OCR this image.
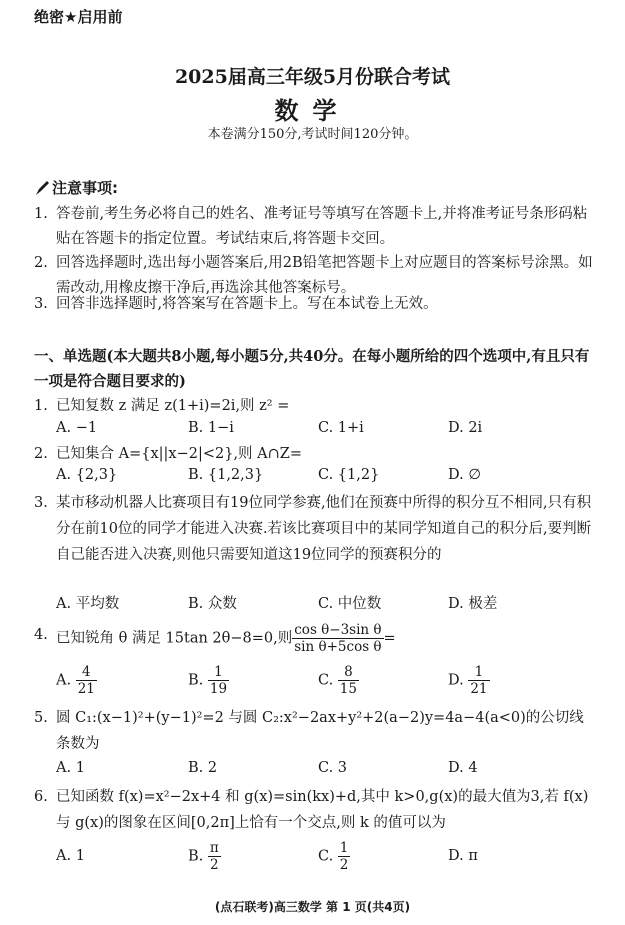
绝密★启用前
2025届高三年级5月份联合考试
数学
本卷满分150分,考试时间120分钟。
注意事项:
1. 答卷前,考生务必将自己的姓名、准考证号等填写在答题卡上,并将准考证号条形码粘贴在答题卡的指定位置。考试结束后,将答题卡交回。
2. 回答选择题时,选出每小题答案后,用2B铅笔把答题卡上对应题目的答案标号涂黑。如需改动,用橡皮擦干净后,再选涂其他答案标号。
3. 回答非选择题时,将答案写在答题卡上。写在本试卷上无效。
一、单选题(本大题共8小题,每小题5分,共40分。在每小题所给的四个选项中,有且只有一项是符合题目要求的)
1. 已知复数 z 满足 z(1+i)=2i,则 z² =
A. −1	B. 1−i	C. 1+i	D. 2i
2. 已知集合 A={x||x−2|<2},则 A∩Z=
A. {2,3}	B. {1,2,3}	C. {1,2}	D. ∅
3. 某市移动机器人比赛项目有19位同学参赛,他们在预赛中所得的积分互不相同,只有积分在前10位的同学才能进入决赛.若该比赛项目中的某同学知道自己的积分后,要判断自己能否进入决赛,则他只需要知道这19位同学的预赛积分的
A. 平均数	B. 众数	C. 中位数	D. 极差
4. 已知锐角 θ 满足 15tan 2θ−8=0,则 $\frac{\text{cos θ−3sin θ}}{\text{sin θ+5cos θ}}$ =
A. $\frac{4}{21}$	B. $\frac{1}{19}$	C. $\frac{8}{15}$	D. $\frac{1}{21}$
5. 圆 C₁:(x−1)²+(y−1)²=2 与圆 C₂:x²−2ax+y²+2(a−2)y=4a−4(a<0)的公切线条数为
A. 1	B. 2	C. 3	D. 4
6. 已知函数 f(x)=x²−2x+4 和 g(x)=sin(kx)+d,其中 k>0,g(x)的最大值为3,若 f(x)与 g(x)的图象在区间[0,2π]上恰有一个交点,则 k 的值可以为
A. 1	B. $\frac{\pi}{2}$	C. $\frac{1}{2}$	D. π
(点石联考)高三数学 第 1 页(共4页)
